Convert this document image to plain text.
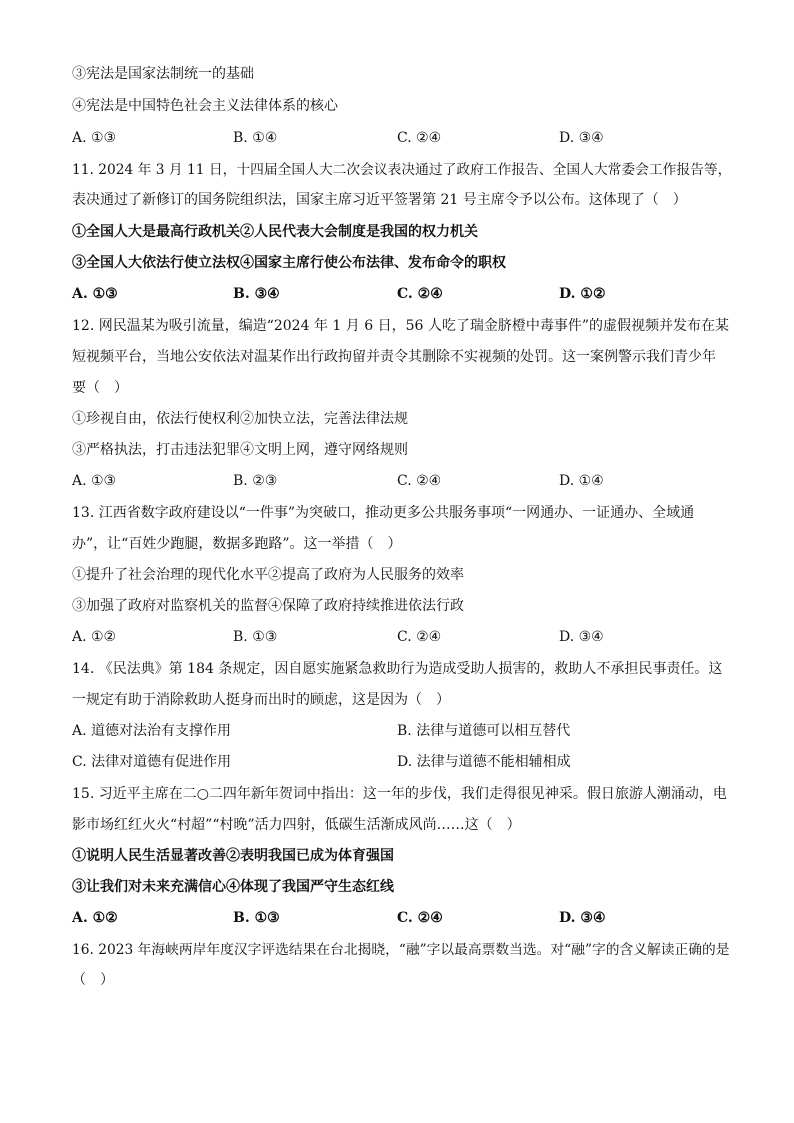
③宪法是国家法制统一的基础
④宪法是中国特色社会主义法律体系的核心
A. ①③	B. ①④	C. ②④	D. ③④
11. 2024 年 3 月 11 日，十四届全国人大二次会议表决通过了政府工作报告、全国人大常委会工作报告等，
表决通过了新修订的国务院组织法，国家主席习近平签署第 21 号主席令予以公布。这体现了（　）
①全国人大是最高行政机关②人民代表大会制度是我国的权力机关
③全国人大依法行使立法权④国家主席行使公布法律、发布命令的职权
A. ①③	B. ③④	C. ②④	D. ①②
12. 网民温某为吸引流量，编造“2024 年 1 月 6 日，56 人吃了瑞金脐橙中毒事件”的虚假视频并发布在某
短视频平台，当地公安依法对温某作出行政拘留并责令其删除不实视频的处罚。这一案例警示我们青少年
要（　）
①珍视自由，依法行使权利②加快立法，完善法律法规
③严格执法，打击违法犯罪④文明上网，遵守网络规则
A. ①③	B. ②③	C. ②④	D. ①④
13. 江西省数字政府建设以“一件事”为突破口，推动更多公共服务事项“一网通办、一证通办、全域通
办”，让“百姓少跑腿，数据多跑路”。这一举措（　）
①提升了社会治理的现代化水平②提高了政府为人民服务的效率
③加强了政府对监察机关的监督④保障了政府持续推进依法行政
A. ①②	B. ①③	C. ②④	D. ③④
14. 《民法典》第 184 条规定，因自愿实施紧急救助行为造成受助人损害的，救助人不承担民事责任。这
一规定有助于消除救助人挺身而出时的顾虑，这是因为（　）
A. 道德对法治有支撑作用	B. 法律与道德可以相互替代
C. 法律对道德有促进作用	D. 法律与道德不能相辅相成
15. 习近平主席在二○二四年新年贺词中指出：这一年的步伐，我们走得很见神采。假日旅游人潮涌动，电
影市场红红火火“村超”“村晚”活力四射，低碳生活渐成风尚……这（　）
①说明人民生活显著改善②表明我国已成为体育强国
③让我们对未来充满信心④体现了我国严守生态红线
A. ①②	B. ①③	C. ②④	D. ③④
16. 2023 年海峡两岸年度汉字评选结果在台北揭晓，“融”字以最高票数当选。对“融”字的含义解读正确的是
（　）
